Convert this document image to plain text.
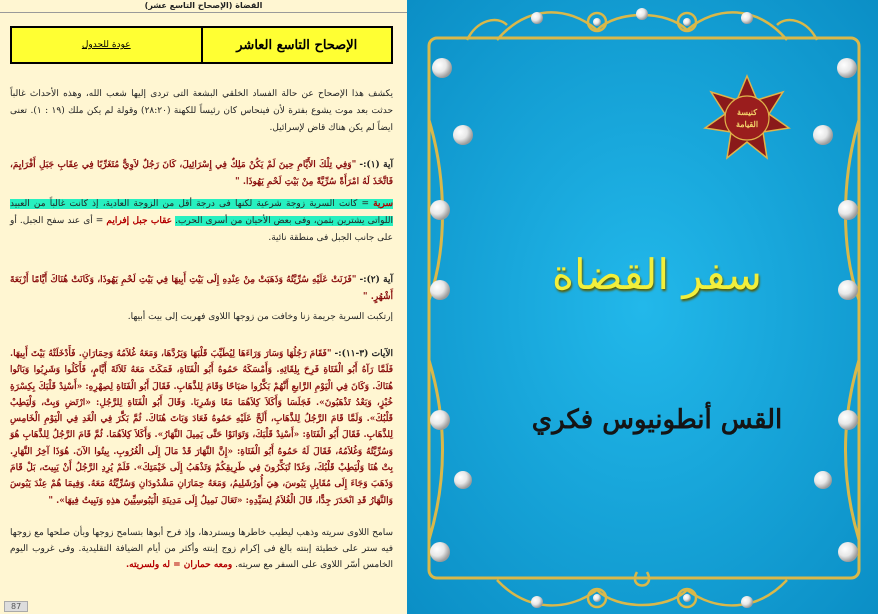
القضاة (الإصحاح التاسع عشر)
الإصحاح التاسع العاشر
عودة للجدول
يكشف هذا الإصحاح عن حالة الفساد الخلقي البشعة التى تردى إليها شعب الله، وهذه الأحداث غالباً حدثت بعد موت يشوع بفترة لأن فينحاس كان رئيساً للكهنة (٢٨:٢٠) وقولة لم يكن ملك (١٩ : ١). تعنى ايضاً لم يكن هناك قاض لإسرائيل.
آية (١):- "وَفِي تِلْكَ الأَيَّامِ حِينَ لَمْ يَكُنْ مَلِكٌ فِي إِسْرَائِيلَ، كَانَ رَجُلٌ لاَوِيٌّ مُتَغَرِّبًا فِي عِقَابِ جَبَلِ أَفْرَايِمَ، فَاتَّخَذَ لَهُ امْرَأَةً سُرِّيَّةً مِنْ بَيْتِ لَحْمِ يَهُوذَا. "
سرية = كانت السرية زوجة شرعية لكنها فى درجة أقل من الزوجة العادية، إذ كانت غالباً من العبيد اللواتى يشترين بثمن، وفى بعض الأحيان من أسرى الحرب. عقاب جبل إفرايم = أى عند سفح الجبل. أو على جانب الجبل فى منطقة نائية.
آية (٢):- "فَزَنَتْ عَلَيْهِ سُرِّيَّتُهُ وَذَهَبَتْ مِنْ عِنْدِهِ إِلَى بَيْتِ أَبِيهَا فِي بَيْتِ لَحْمِ يَهُوذَا، وَكَانَتْ هُنَاكَ أَيَّامًا أَرْبَعَةَ أَشْهُرٍ. "
إرتكبت السرية جريمة زنا وخافت من زوجها اللاوى فهربت إلى بيت أبيها.
الآيات (٣-١١):- "فَقَامَ رَجُلُهَا وَسَارَ وَرَاءَهَا لِيُطَيِّبَ قَلْبَهَا وَيَرُدَّهَا، وَمَعَهُ غُلاَمُهُ وَحِمَارَانِ. فَأَدْخَلَتْهُ بَيْتَ أَبِيهَا. فَلَمَّا رَآهُ أَبُو الْفَتَاةِ فَرِحَ بِلِقَائِهِ. وَأَمْسَكَهُ حَمُوهُ أَبُو الْفَتَاةِ، فَمَكَثَ مَعَهُ ثَلاَثَةَ أَيَّامٍ، فَأَكَلُوا وَشَرِبُوا وَبَاتُوا هُنَاكَ. وَكَانَ فِي الْيَوْمِ الرَّابعِ أَنَّهُمْ بَكَّرُوا صَبَاحًا وَقَامَ لِلذَّهَابِ. فَقَالَ أَبُو الْفَتَاةِ لِصِهْرِهِ: «أَسْنِدْ قَلْبَكَ بِكِسْرَةِ خُبْزٍ، وَبَعْدُ تَذْهَبُونَ». فَجَلَسَا وَأَكَلاَ كِلاَهُمَا مَعًا وَشَرِبَا. وَقَالَ أَبُو الْفَتَاةِ لِلرَّجُلِ: «ارْتَضِ وَبِتْ، وَلْيَطِبْ قَلْبُكَ». وَلَمَّا قَامَ الرَّجُلُ لِلذَّهَابِ، أَلَحَّ عَلَيْهِ حَمُوهُ فَعَادَ وَبَاتَ هُنَاكَ. ثُمَّ بَكَّرَ فِي الْغَدِ فِي الْيَوْمِ الْخَامِسِ لِلذَّهَابِ. فَقَالَ أَبُو الْفَتَاةِ: «أَسْنِدْ قَلْبَكَ، وَتَوَانَوْا حَتَّى يَمِيلَ النَّهَارُ». وَأَكَلاَ كِلاَهُمَا. ثُمَّ قَامَ الرَّجُلُ لِلذَّهَابِ هُوَ وَسُرِّيَّتُهُ وَغُلاَمُهُ، فَقَالَ لَهُ حَمُوهُ أَبُو الْفَتَاةِ: «إِنَّ النَّهَارَ قَدْ مَالَ إِلَى الْغُرُوبِ. بِيتُوا الآنَ. هُوَذَا آخِرُ النَّهَارِ. بِتْ هُنَا وَلْيَطِبْ قَلْبُكَ، وَغَدًا تُبَكِّرُونَ فِي طَرِيقِكُمْ وَتَذْهَبُ إِلَى خَيْمَتِكَ». فَلَمْ يُرِدِ الرَّجُلُ أَنْ يَبِيتَ، بَلْ قَامَ وَذَهَبَ وَجَاءَ إِلَى مُقَابِلِ يَبُوسَ، هِيَ أُورُشَلِيمُ، وَمَعَهُ حِمَارَانِ مَشْدُودَانِ وَسُرِّيَّتُهُ مَعَهُ. وَفِيمَا هُمْ عِنْدَ يَبُوسَ وَالنَّهَارُ قَدِ انْحَدَرَ جِدًّا، قَالَ الْغُلاَمُ لِسَيِّدِهِ: «تَعَالَ نَمِيلُ إِلَى مَدِينَةِ الْيَبُوسِيِّينَ هذِهِ وَنَبِيتُ فِيهَا». "
سامح اللاوى سريته وذهب ليطيب خاطرها ويستردها، وإذ فرح أبوها بتسامح زوجها وبأن صلحها مع زوجها فيه ستر على خطيئة إبنته بالغ فى إكرام زوج إبنته وأكثر من أيام الضيافة التقليدية. وفى غروب اليوم الخامس أسّر اللاوى على السفر مع سريته. ومعه حماران = له ولسريته.
87
كنيسة
القيامة
سفر القضاة
القس أنطونيوس فكري
